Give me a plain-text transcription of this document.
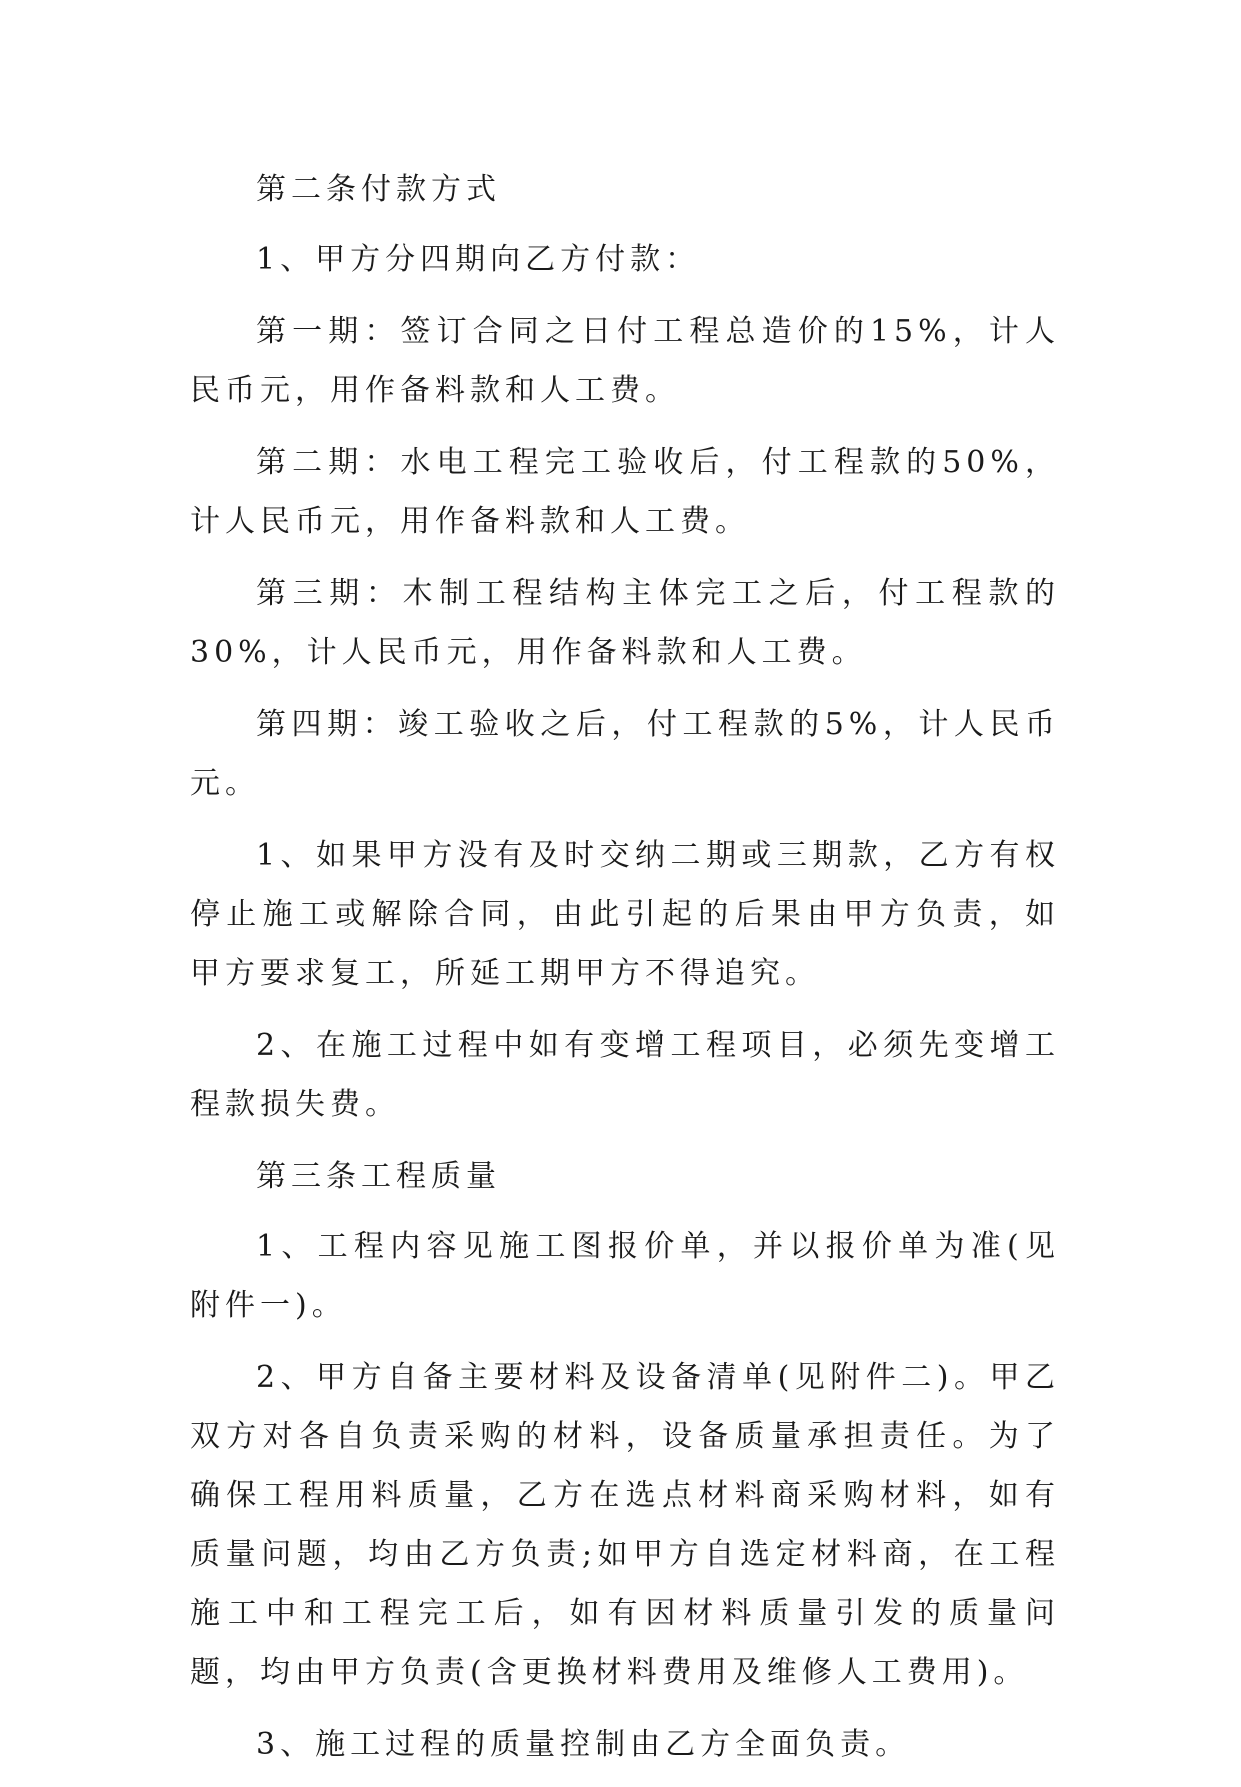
第二条付款方式

1、甲方分四期向乙方付款：

第一期：签订合同之日付工程总造价的15%，计人民币元，用作备料款和人工费。

第二期：水电工程完工验收后，付工程款的50%，计人民币元，用作备料款和人工费。

第三期：木制工程结构主体完工之后，付工程款的30%，计人民币元，用作备料款和人工费。

第四期：竣工验收之后，付工程款的5%，计人民币元。

1、如果甲方没有及时交纳二期或三期款，乙方有权停止施工或解除合同，由此引起的后果由甲方负责，如甲方要求复工，所延工期甲方不得追究。

2、在施工过程中如有变增工程项目，必须先变增工程款损失费。

第三条工程质量

1、工程内容见施工图报价单，并以报价单为准(见附件一)。

2、甲方自备主要材料及设备清单(见附件二)。甲乙双方对各自负责采购的材料，设备质量承担责任。为了确保工程用料质量，乙方在选点材料商采购材料，如有质量问题，均由乙方负责;如甲方自选定材料商，在工程施工中和工程完工后，如有因材料质量引发的质量问题，均由甲方负责(含更换材料费用及维修人工费用)。

3、施工过程的质量控制由乙方全面负责。
